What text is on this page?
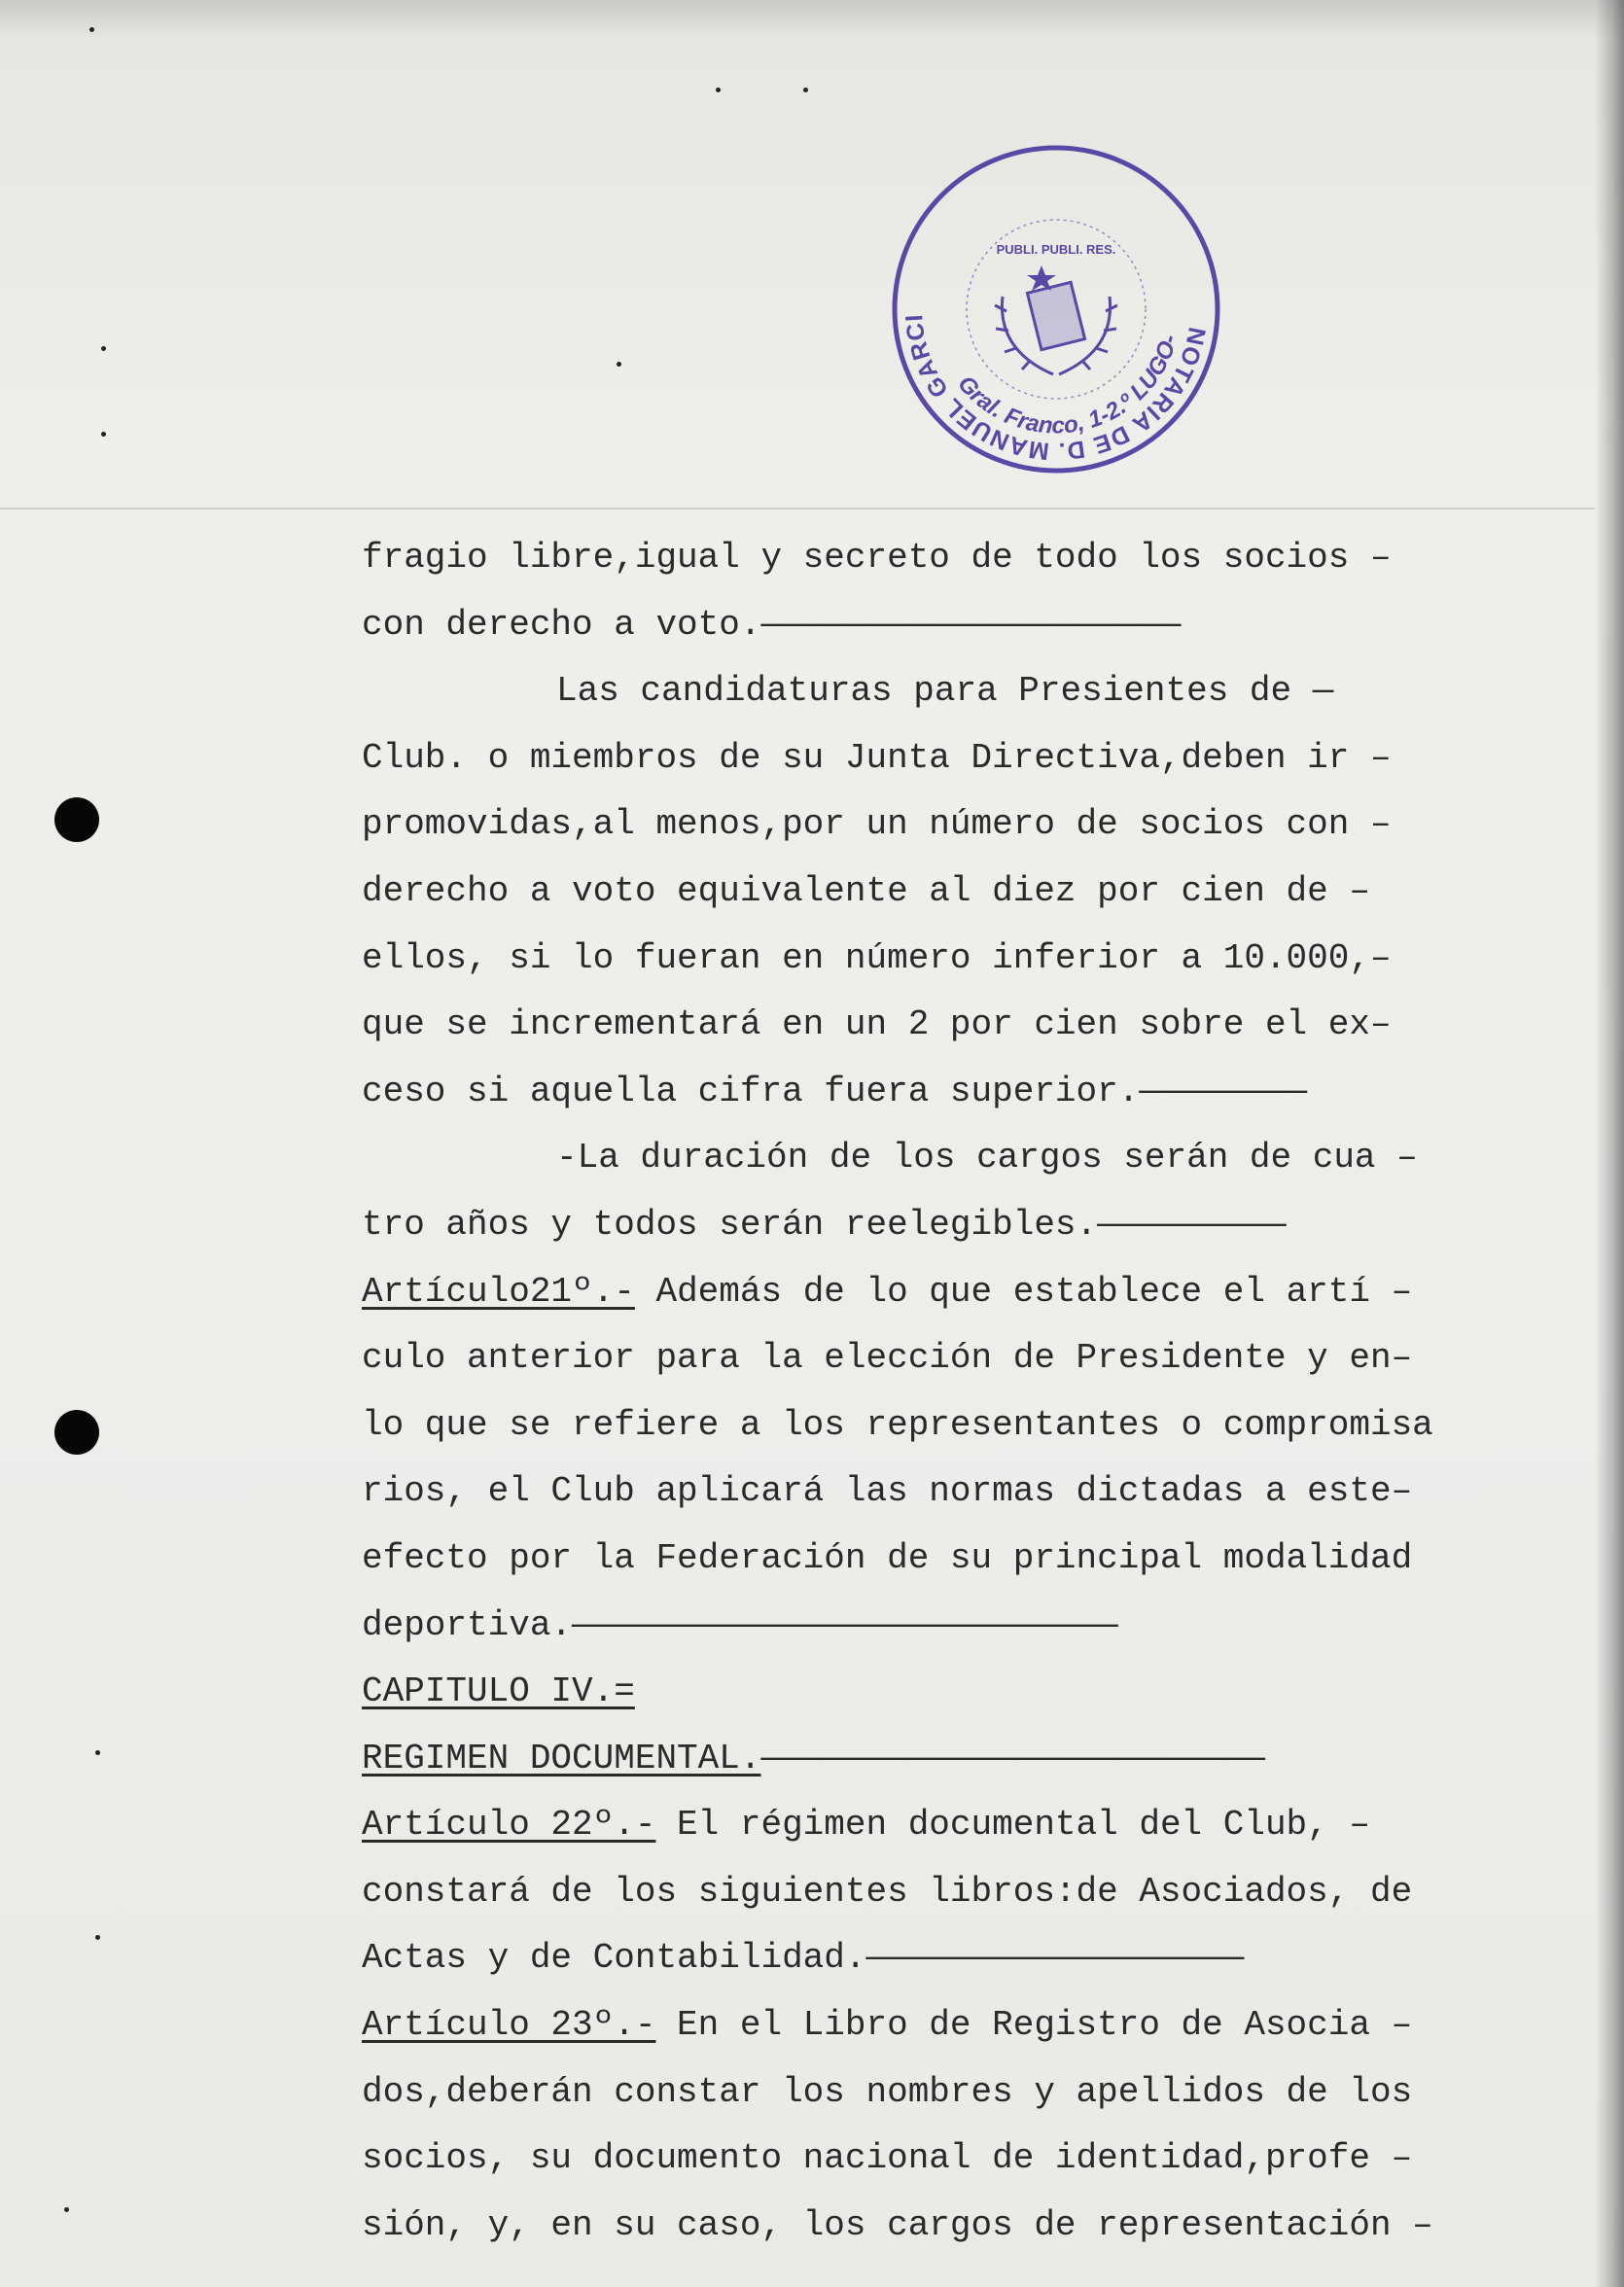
NOTARIA DE D. MANUEL GARCI
Gral. Franco, 1-2.º LUGO-
PUBLI. PUBLI. RES.
fragio libre,igual y secreto de todo los socios –
con derecho a voto.————————————————————
Las candidaturas para Presientes de —
Club. o miembros de su Junta Directiva,deben ir –
promovidas,al menos,por un número de socios con –
derecho a voto equivalente al diez por cien de –
ellos, si lo fueran en número inferior a 10.000,–
que se incrementará en un 2 por cien sobre el ex–
ceso si aquella cifra fuera superior.————————
-La duración de los cargos serán de cua –
tro años y todos serán reelegibles.—————————
Artículo21º.- Además de lo que establece el artí –
culo anterior para la elección de Presidente y en–
lo que se refiere a los representantes o compromisa
rios, el Club aplicará las normas dictadas a este–
efecto por la Federación de su principal modalidad
deportiva.——————————————————————————
CAPITULO IV.=
REGIMEN DOCUMENTAL.————————————————————————
Artículo 22º.- El régimen documental del Club, –
constará de los siguientes libros:de Asociados, de
Actas y de Contabilidad.——————————————————
Artículo 23º.- En el Libro de Registro de Asocia –
dos,deberán constar los nombres y apellidos de los
socios, su documento nacional de identidad,profe –
sión, y, en su caso, los cargos de representación –
